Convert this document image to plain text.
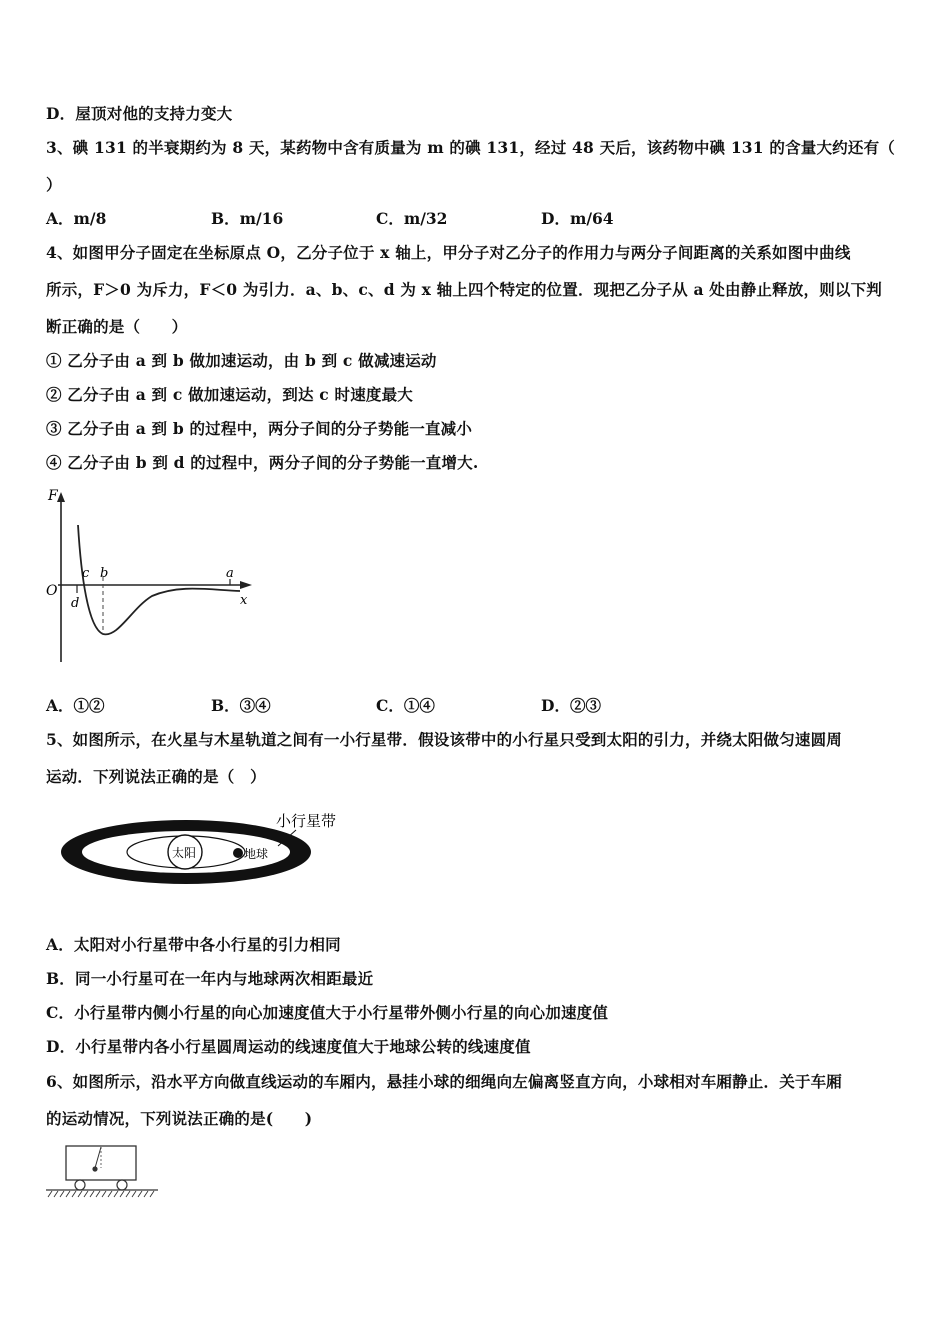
D．屋顶对他的支持力变大
3、碘 131 的半衰期约为 8 天，某药物中含有质量为 m 的碘 131，经过 48 天后，该药物中碘 131 的含量大约还有（
）
A．m/8	B．m/16	C．m/32	D．m/64
4、如图甲分子固定在坐标原点 O，乙分子位于 x 轴上，甲分子对乙分子的作用力与两分子间距离的关系如图中曲线
所示，F＞0 为斥力，F＜0 为引力．a、b、c、d 为 x 轴上四个特定的位置．现把乙分子从 a 处由静止释放，则以下判
断正确的是（　　）
① 乙分子由 a 到 b 做加速运动，由 b 到 c 做减速运动
② 乙分子由 a 到 c 做加速运动，到达 c 时速度最大
③ 乙分子由 a 到 b 的过程中，两分子间的分子势能一直减小
④ 乙分子由 b 到 d 的过程中，两分子间的分子势能一直增大.
F
O
c b	a
d	x
A．①②	B．③④	C．①④	D．②③
5、如图所示，在火星与木星轨道之间有一小行星带．假设该带中的小行星只受到太阳的引力，并绕太阳做匀速圆周
运动．下列说法正确的是（　）
太阳	地球
小行星带
A．太阳对小行星带中各小行星的引力相同
B．同一小行星可在一年内与地球两次相距最近
C．小行星带内侧小行星的向心加速度值大于小行星带外侧小行星的向心加速度值
D．小行星带内各小行星圆周运动的线速度值大于地球公转的线速度值
6、如图所示，沿水平方向做直线运动的车厢内，悬挂小球的细绳向左偏离竖直方向，小球相对车厢静止．关于车厢
的运动情况，下列说法正确的是(　　)
